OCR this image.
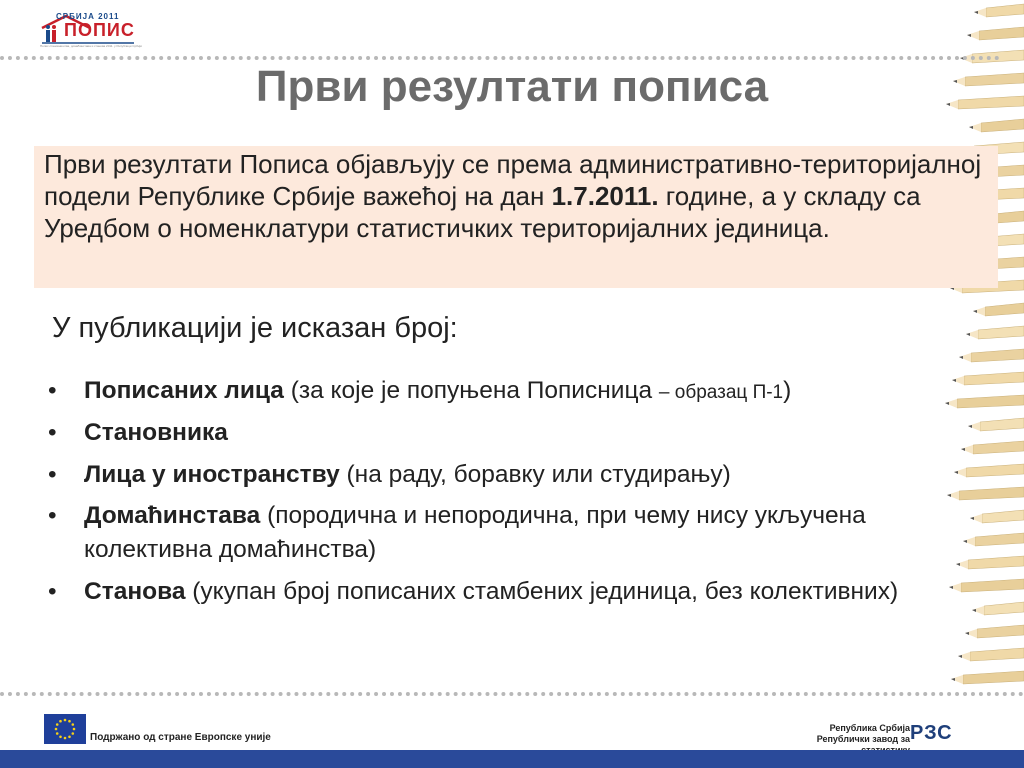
СРБИЈА 2011
ПОПИС
Попис становништва, домаћинстава и станова 2011. у Републици Србији
Први резултати пописа
Први резултати Пописа објављују се према административно-територијалној подели Републике Србије важећој на дан 1.7.2011. године, а у складу са Уредбом о номенклатури статистичких територијалних јединица.
У публикацији је исказан број:
• Пописаних лица (за које је попуњена Пописница – образац П-1)
• Становника
• Лица у иностранству (на раду, боравку или студирању)
• Домаћинстава (породична и непородична, при чему нису укључена колективна домаћинства)
• Станова (укупан број пописаних стамбених јединица, без колективних)
Подржано од стране Европске уније
Република Србија
Републички завод за РЗС
